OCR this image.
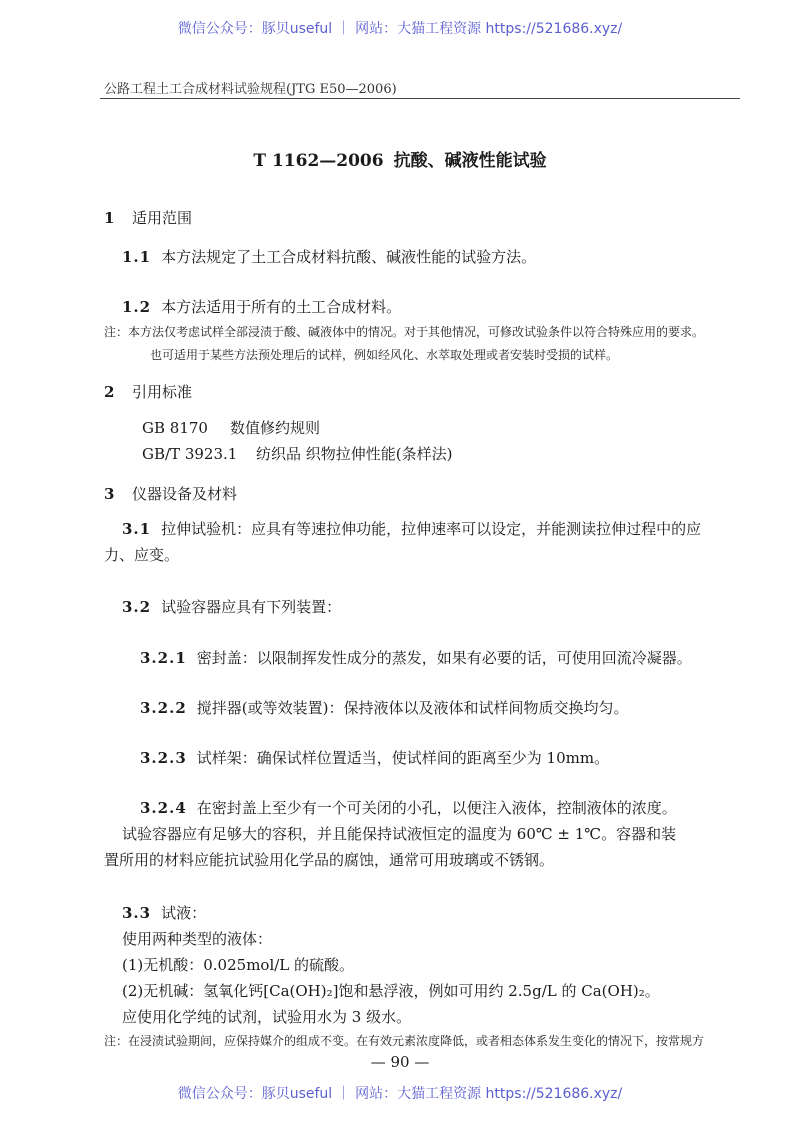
微信公众号：豚贝useful ｜ 网站：大猫工程资源 https://521686.xyz/
公路工程土工合成材料试验规程(JTG E50—2006)
T 1162—2006 抗酸、碱液性能试验
1 适用范围
1.1 本方法规定了土工合成材料抗酸、碱液性能的试验方法。
1.2 本方法适用于所有的土工合成材料。
注：本方法仅考虑试样全部浸渍于酸、碱液体中的情况。对于其他情况，可修改试验条件以符合特殊应用的要求。
也可适用于某些方法预处理后的试样，例如经风化、水萃取处理或者安装时受损的试样。
2 引用标准
GB 8170 数值修约规则
GB/T 3923.1 纺织品 织物拉伸性能(条样法)
3 仪器设备及材料
3.1 拉伸试验机：应具有等速拉伸功能，拉伸速率可以设定，并能测读拉伸过程中的应
力、应变。
3.2 试验容器应具有下列装置：
3.2.1 密封盖：以限制挥发性成分的蒸发，如果有必要的话，可使用回流冷凝器。
3.2.2 搅拌器(或等效装置)：保持液体以及液体和试样间物质交换均匀。
3.2.3 试样架：确保试样位置适当，使试样间的距离至少为 10mm。
3.2.4 在密封盖上至少有一个可关闭的小孔，以便注入液体，控制液体的浓度。
试验容器应有足够大的容积，并且能保持试液恒定的温度为 60℃ ± 1℃。容器和装
置所用的材料应能抗试验用化学品的腐蚀，通常可用玻璃或不锈钢。
3.3 试液：
使用两种类型的液体：
(1)无机酸：0.025mol/L 的硫酸。
(2)无机碱：氢氧化钙[Ca(OH)₂]饱和悬浮液，例如可用约 2.5g/L 的 Ca(OH)₂。
应使用化学纯的试剂，试验用水为 3 级水。
注：在浸渍试验期间，应保持媒介的组成不变。在有效元素浓度降低，或者相态体系发生变化的情况下，按常规方
— 90 —
微信公众号：豚贝useful ｜ 网站：大猫工程资源 https://521686.xyz/
